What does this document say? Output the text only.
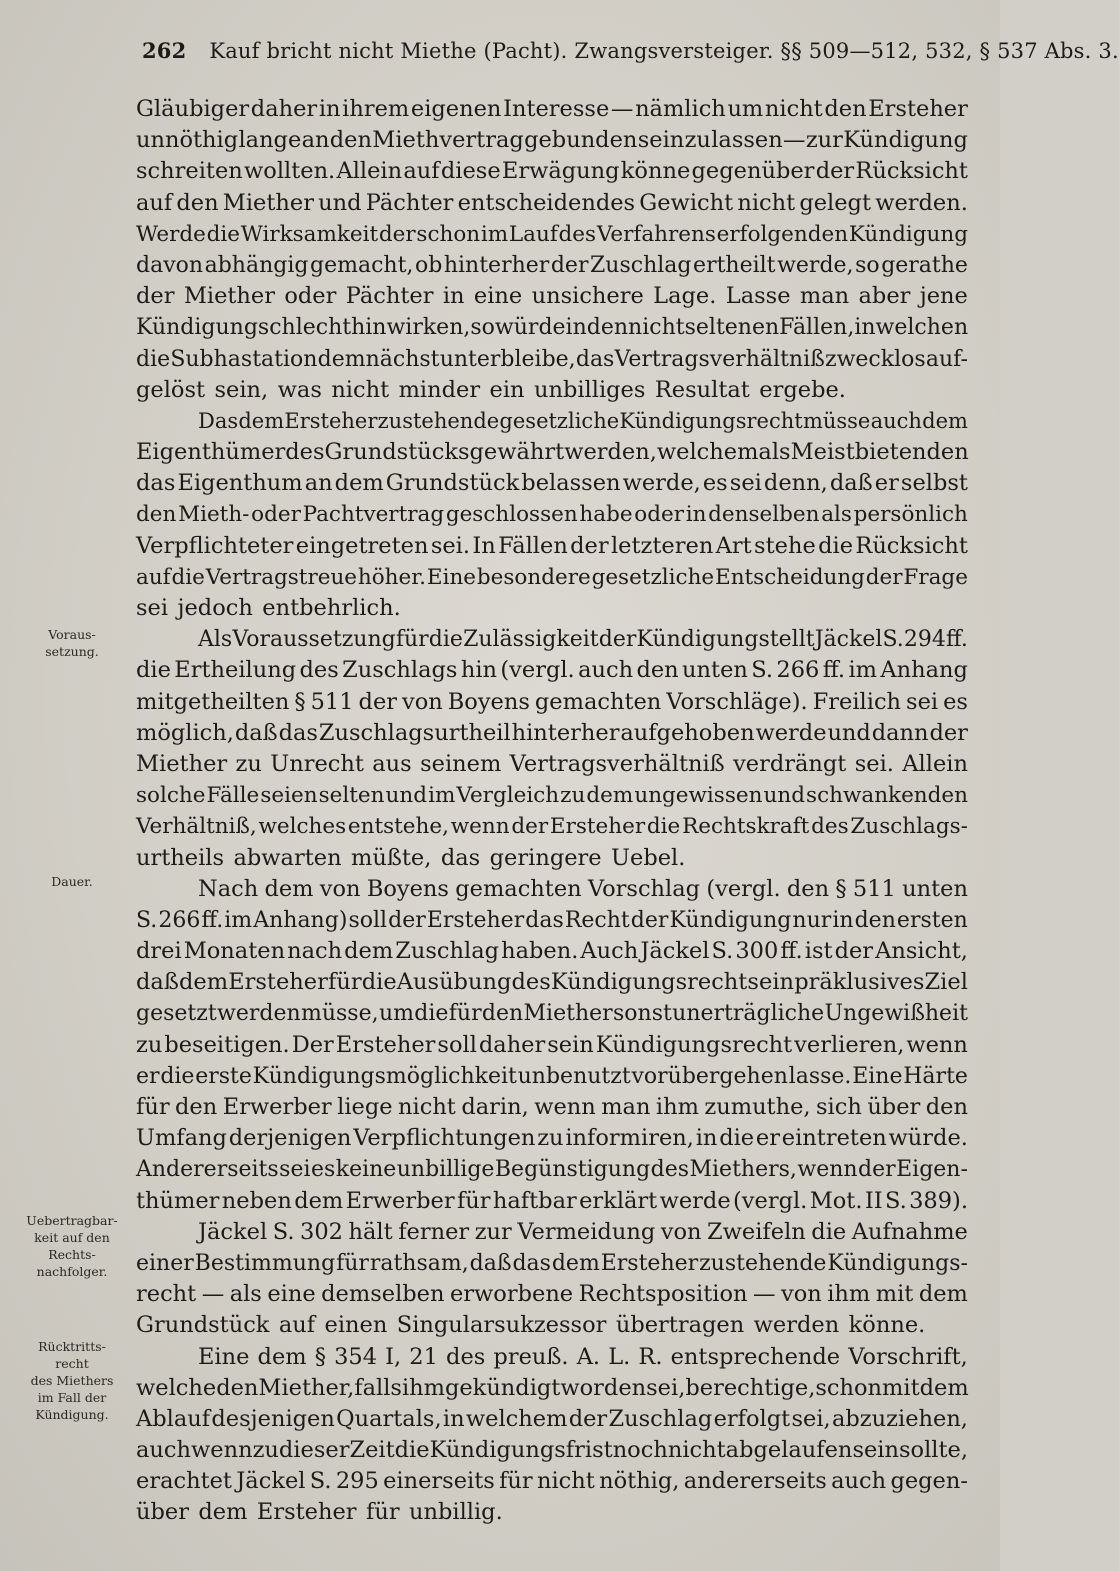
262 Kauf bricht nicht Miethe (Pacht). Zwangsversteiger. §§ 509—512, 532, § 537 Abs. 3.
Voraus-
setzung.
Dauer.
Uebertragbar-
keit auf den
Rechts-
nachfolger.
Rücktritts-
recht
des Miethers
im Fall der
Kündigung.
Gläubiger daher in ihrem eigenen Interesse — nämlich um nicht den Ersteher
unnöthig lange an den Miethvertrag gebunden sein zu lassen — zur Kündigung
schreiten wollten. Allein auf diese Erwägung könne gegenüber der Rücksicht
auf den Miether und Pächter entscheidendes Gewicht nicht gelegt werden.
Werde die Wirksamkeit der schon im Lauf des Verfahrens erfolgenden Kündigung
davon abhängig gemacht, ob hinterher der Zuschlag ertheilt werde, so gerathe
der Miether oder Pächter in eine unsichere Lage. Lasse man aber jene
Kündigung schlechthin wirken, so würde in den nicht seltenen Fällen, in welchen
die Subhastation demnächst unterbleibe, das Vertragsverhältniß zwecklos auf-
gelöst sein, was nicht minder ein unbilliges Resultat ergebe.
Das dem Ersteher zustehende gesetzliche Kündigungsrecht müsse auch dem
Eigenthümer des Grundstücks gewährt werden, welchem als Meistbietenden
das Eigenthum an dem Grundstück belassen werde, es sei denn, daß er selbst
den Mieth- oder Pachtvertrag geschlossen habe oder in denselben als persönlich
Verpflichteter eingetreten sei. In Fällen der letzteren Art stehe die Rücksicht
auf die Vertragstreue höher. Eine besondere gesetzliche Entscheidung der Frage
sei jedoch entbehrlich.
Als Voraussetzung für die Zulässigkeit der Kündigung stellt Jäckel S. 294 ff.
die Ertheilung des Zuschlags hin (vergl. auch den unten S. 266 ff. im Anhang
mitgetheilten § 511 der von Boyens gemachten Vorschläge). Freilich sei es
möglich, daß das Zuschlagsurtheil hinterher aufgehoben werde und dann der
Miether zu Unrecht aus seinem Vertragsverhältniß verdrängt sei. Allein
solche Fälle seien selten und im Vergleich zu dem ungewissen und schwankenden
Verhältniß, welches entstehe, wenn der Ersteher die Rechtskraft des Zuschlags-
urtheils abwarten müßte, das geringere Uebel.
Nach dem von Boyens gemachten Vorschlag (vergl. den § 511 unten
S. 266 ff. im Anhang) soll der Ersteher das Recht der Kündigung nur in den ersten
drei Monaten nach dem Zuschlag haben. Auch Jäckel S. 300 ff. ist der Ansicht,
daß dem Ersteher für die Ausübung des Kündigungsrechts ein präklusives Ziel
gesetzt werden müsse, um die für den Miether sonst unerträgliche Ungewißheit
zu beseitigen. Der Ersteher soll daher sein Kündigungsrecht verlieren, wenn
er die erste Kündigungsmöglichkeit unbenutzt vorübergehen lasse. Eine Härte
für den Erwerber liege nicht darin, wenn man ihm zumuthe, sich über den
Umfang derjenigen Verpflichtungen zu informiren, in die er eintreten würde.
Andererseits sei es keine unbillige Begünstigung des Miethers, wenn der Eigen-
thümer neben dem Erwerber für haftbar erklärt werde (vergl. Mot. II S. 389).
Jäckel S. 302 hält ferner zur Vermeidung von Zweifeln die Aufnahme
einer Bestimmung für rathsam, daß das dem Ersteher zustehende Kündigungs-
recht — als eine demselben erworbene Rechtsposition — von ihm mit dem
Grundstück auf einen Singularsukzessor übertragen werden könne.
Eine dem § 354 I, 21 des preuß. A. L. R. entsprechende Vorschrift,
welche den Miether, falls ihm gekündigt worden sei, berechtige, schon mit dem
Ablauf desjenigen Quartals, in welchem der Zuschlag erfolgt sei, abzuziehen,
auch wenn zu dieser Zeit die Kündigungsfrist noch nicht abgelaufen sein sollte,
erachtet Jäckel S. 295 einerseits für nicht nöthig, andererseits auch gegen-
über dem Ersteher für unbillig.
